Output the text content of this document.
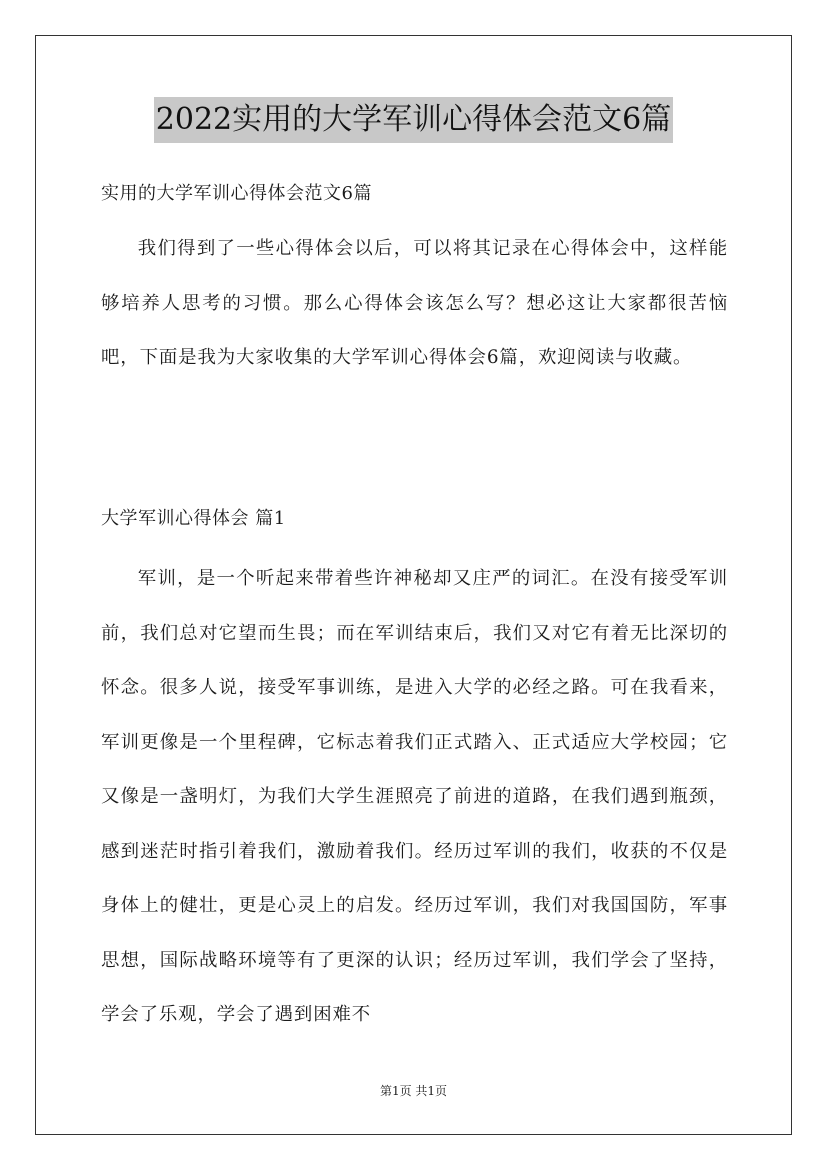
2022实用的大学军训心得体会范文6篇
实用的大学军训心得体会范文6篇

我们得到了一些心得体会以后，可以将其记录在心得体会中，这样能够培养人思考的习惯。那么心得体会该怎么写？想必这让大家都很苦恼吧，下面是我为大家收集的大学军训心得体会6篇，欢迎阅读与收藏。

大学军训心得体会 篇1

军训，是一个听起来带着些许神秘却又庄严的词汇。在没有接受军训前，我们总对它望而生畏；而在军训结束后，我们又对它有着无比深切的怀念。很多人说，接受军事训练，是进入大学的必经之路。可在我看来，军训更像是一个里程碑，它标志着我们正式踏入、正式适应大学校园；它又像是一盏明灯，为我们大学生涯照亮了前进的道路，在我们遇到瓶颈，感到迷茫时指引着我们，激励着我们。经历过军训的我们，收获的不仅是身体上的健壮，更是心灵上的启发。经历过军训，我们对我国国防，军事思想，国际战略环境等有了更深的认识；经历过军训，我们学会了坚持，学会了乐观，学会了遇到困难不

第1页 共1页
